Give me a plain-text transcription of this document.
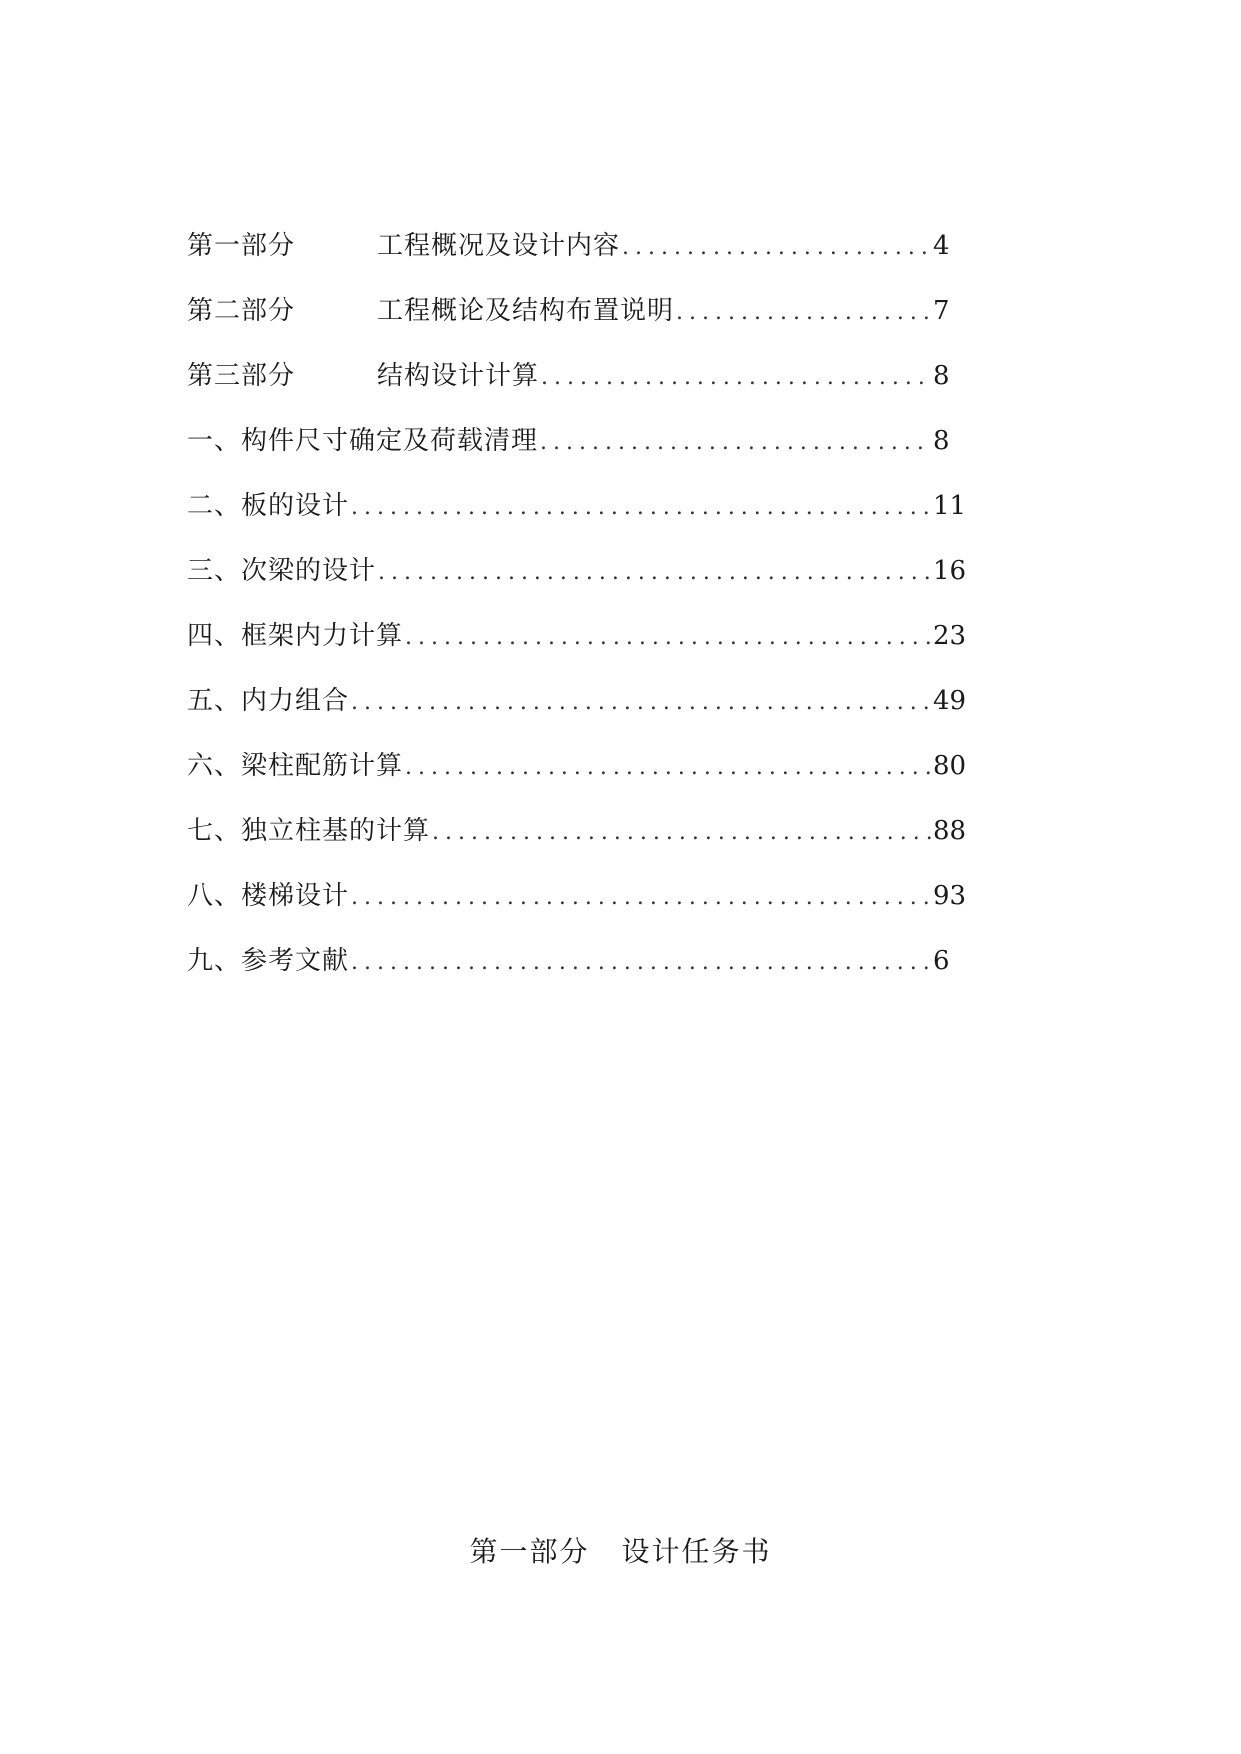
第一部分	工程概况及设计内容 .....	4
第二部分	工程概论及结构布置说明 .....	7
第三部分	结构设计计算 .....	8
一、构件尺寸确定及荷载清理 .....	8
二、板的设计 .....	11
三、次梁的设计 .....	16
四、框架内力计算 .....	23
五、内力组合 .....	49
六、梁柱配筋计算 .....	80
七、独立柱基的计算 .....	88
八、楼梯设计 .....	93
九、参考文献 .....	6
第一部分 设计任务书
